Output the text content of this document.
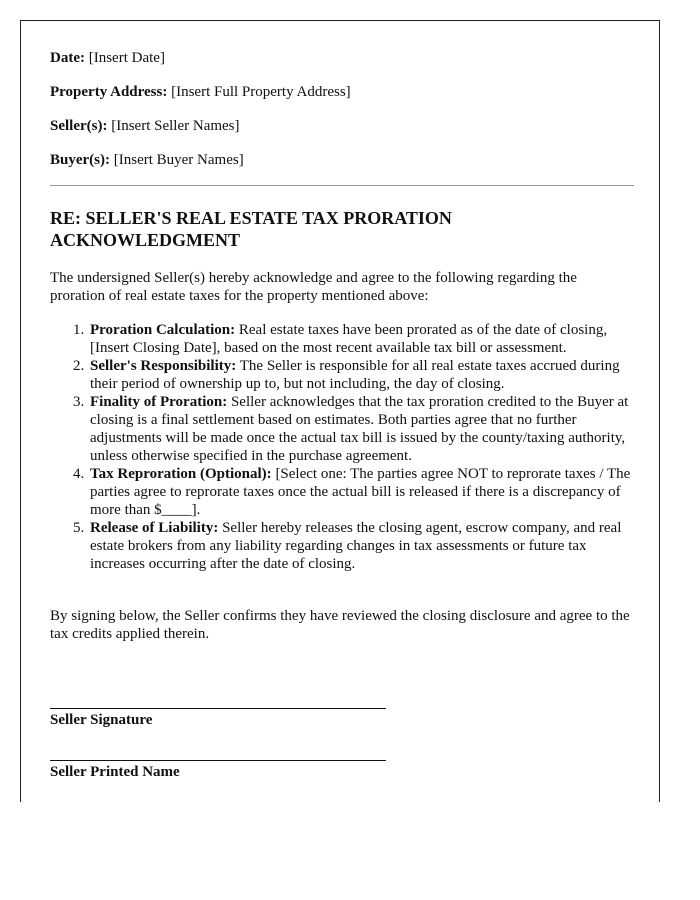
Date: [Insert Date]

Property Address: [Insert Full Property Address]

Seller(s): [Insert Seller Names]

Buyer(s): [Insert Buyer Names]

RE: SELLER'S REAL ESTATE TAX PRORATION ACKNOWLEDGMENT

The undersigned Seller(s) hereby acknowledge and agree to the following regarding the proration of real estate taxes for the property mentioned above:

1. Proration Calculation: Real estate taxes have been prorated as of the date of closing, [Insert Closing Date], based on the most recent available tax bill or assessment.
2. Seller's Responsibility: The Seller is responsible for all real estate taxes accrued during their period of ownership up to, but not including, the day of closing.
3. Finality of Proration: Seller acknowledges that the tax proration credited to the Buyer at closing is a final settlement based on estimates. Both parties agree that no further adjustments will be made once the actual tax bill is issued by the county/taxing authority, unless otherwise specified in the purchase agreement.
4. Tax Reproration (Optional): [Select one: The parties agree NOT to reprorate taxes / The parties agree to reprorate taxes once the actual bill is released if there is a discrepancy of more than $____].
5. Release of Liability: Seller hereby releases the closing agent, escrow company, and real estate brokers from any liability regarding changes in tax assessments or future tax increases occurring after the date of closing.

By signing below, the Seller confirms they have reviewed the closing disclosure and agree to the tax credits applied therein.

Seller Signature
Seller Printed Name
